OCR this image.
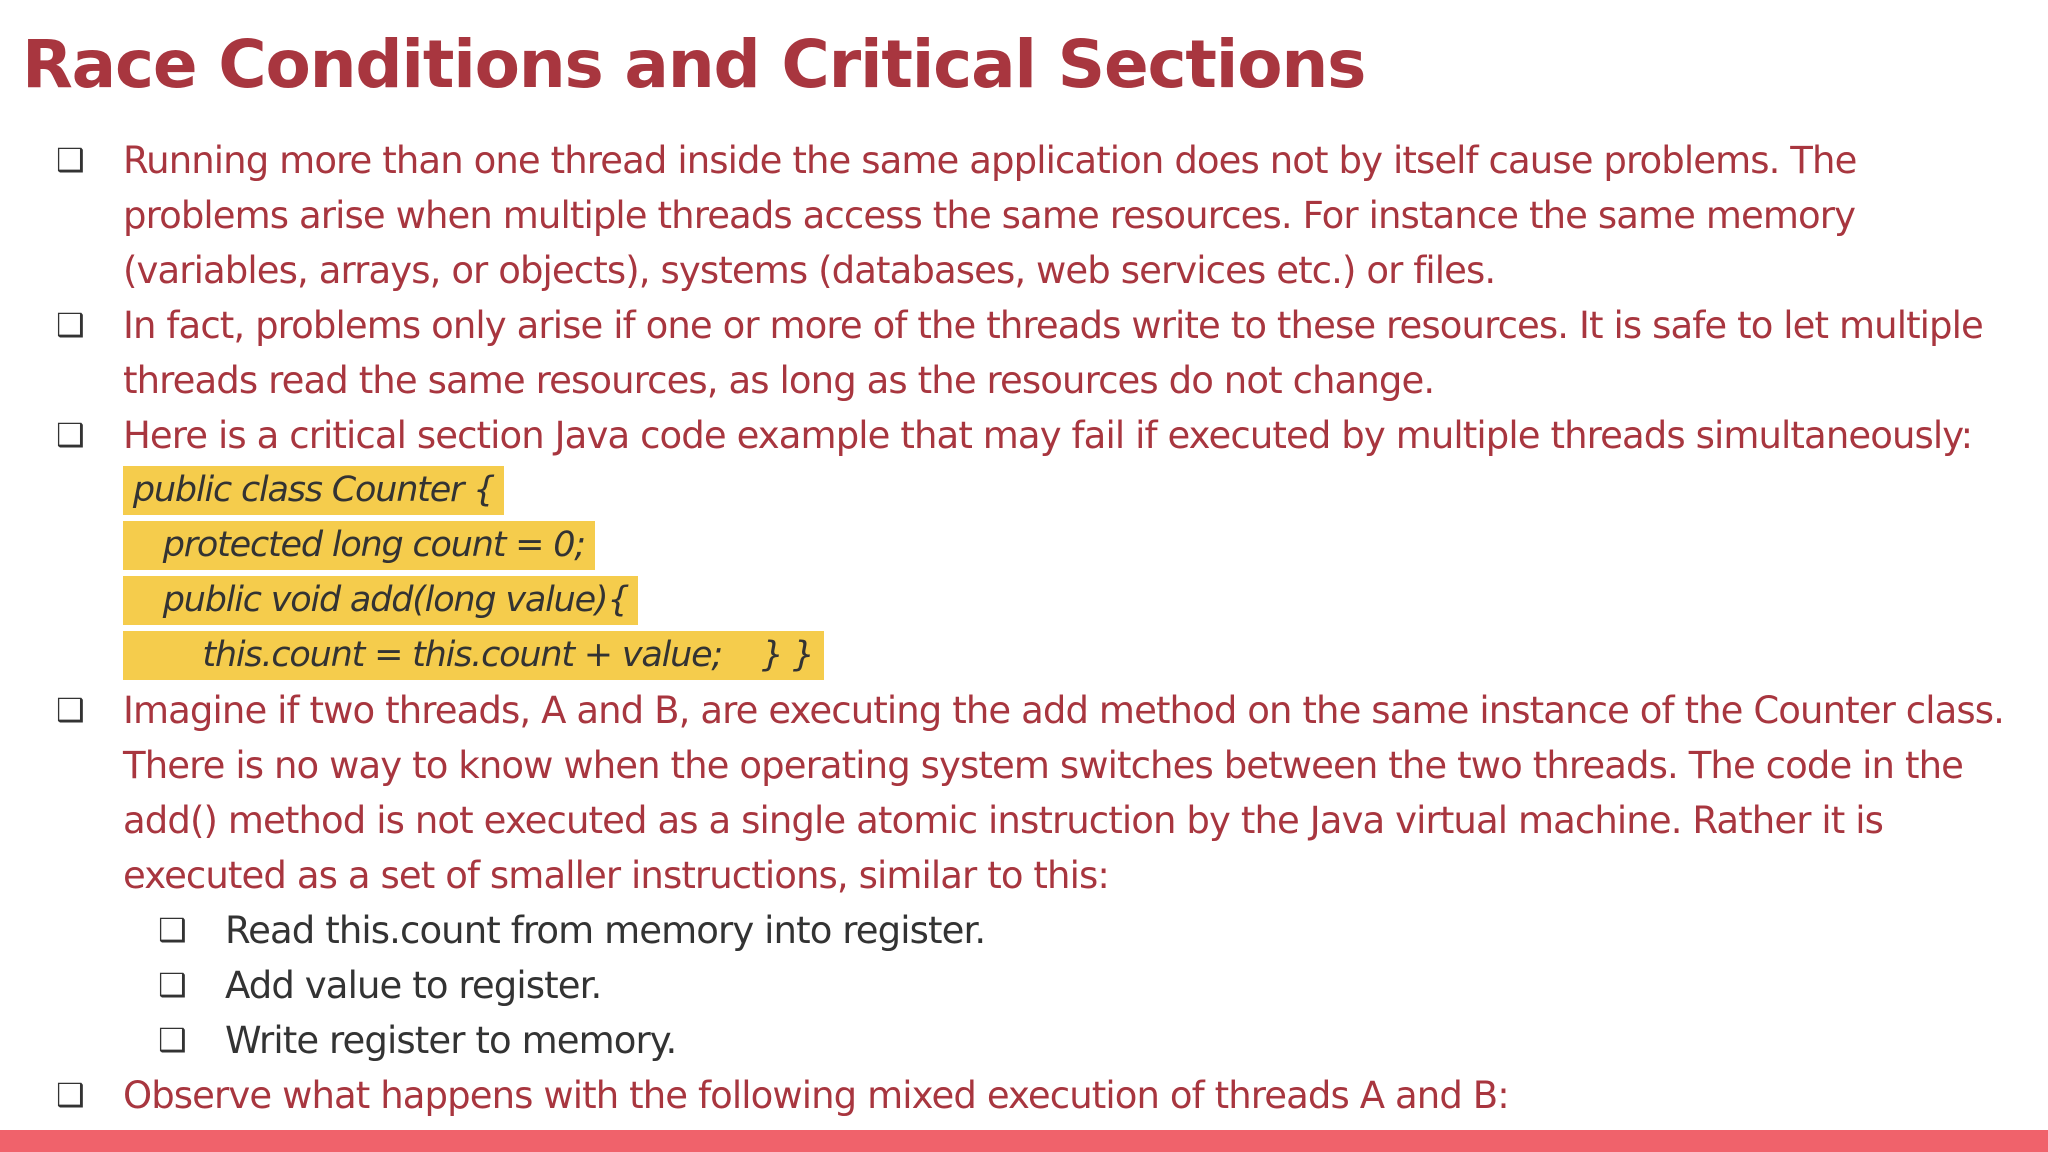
Race Conditions and Critical Sections
❑ Running more than one thread inside the same application does not by itself cause problems. The problems arise when multiple threads access the same resources. For instance the same memory (variables, arrays, or objects), systems (databases, web services etc.) or files.
❑ In fact, problems only arise if one or more of the threads write to these resources. It is safe to let multiple threads read the same resources, as long as the resources do not change.
❑ Here is a critical section Java code example that may fail if executed by multiple threads simultaneously:
public class Counter {
protected long count = 0;
public void add(long value){
this.count = this.count + value;    } }
❑ Imagine if two threads, A and B, are executing the add method on the same instance of the Counter class. There is no way to know when the operating system switches between the two threads. The code in the add() method is not executed as a single atomic instruction by the Java virtual machine. Rather it is executed as a set of smaller instructions, similar to this:
❑ Read this.count from memory into register.
❑ Add value to register.
❑ Write register to memory.
❑ Observe what happens with the following mixed execution of threads A and B:
